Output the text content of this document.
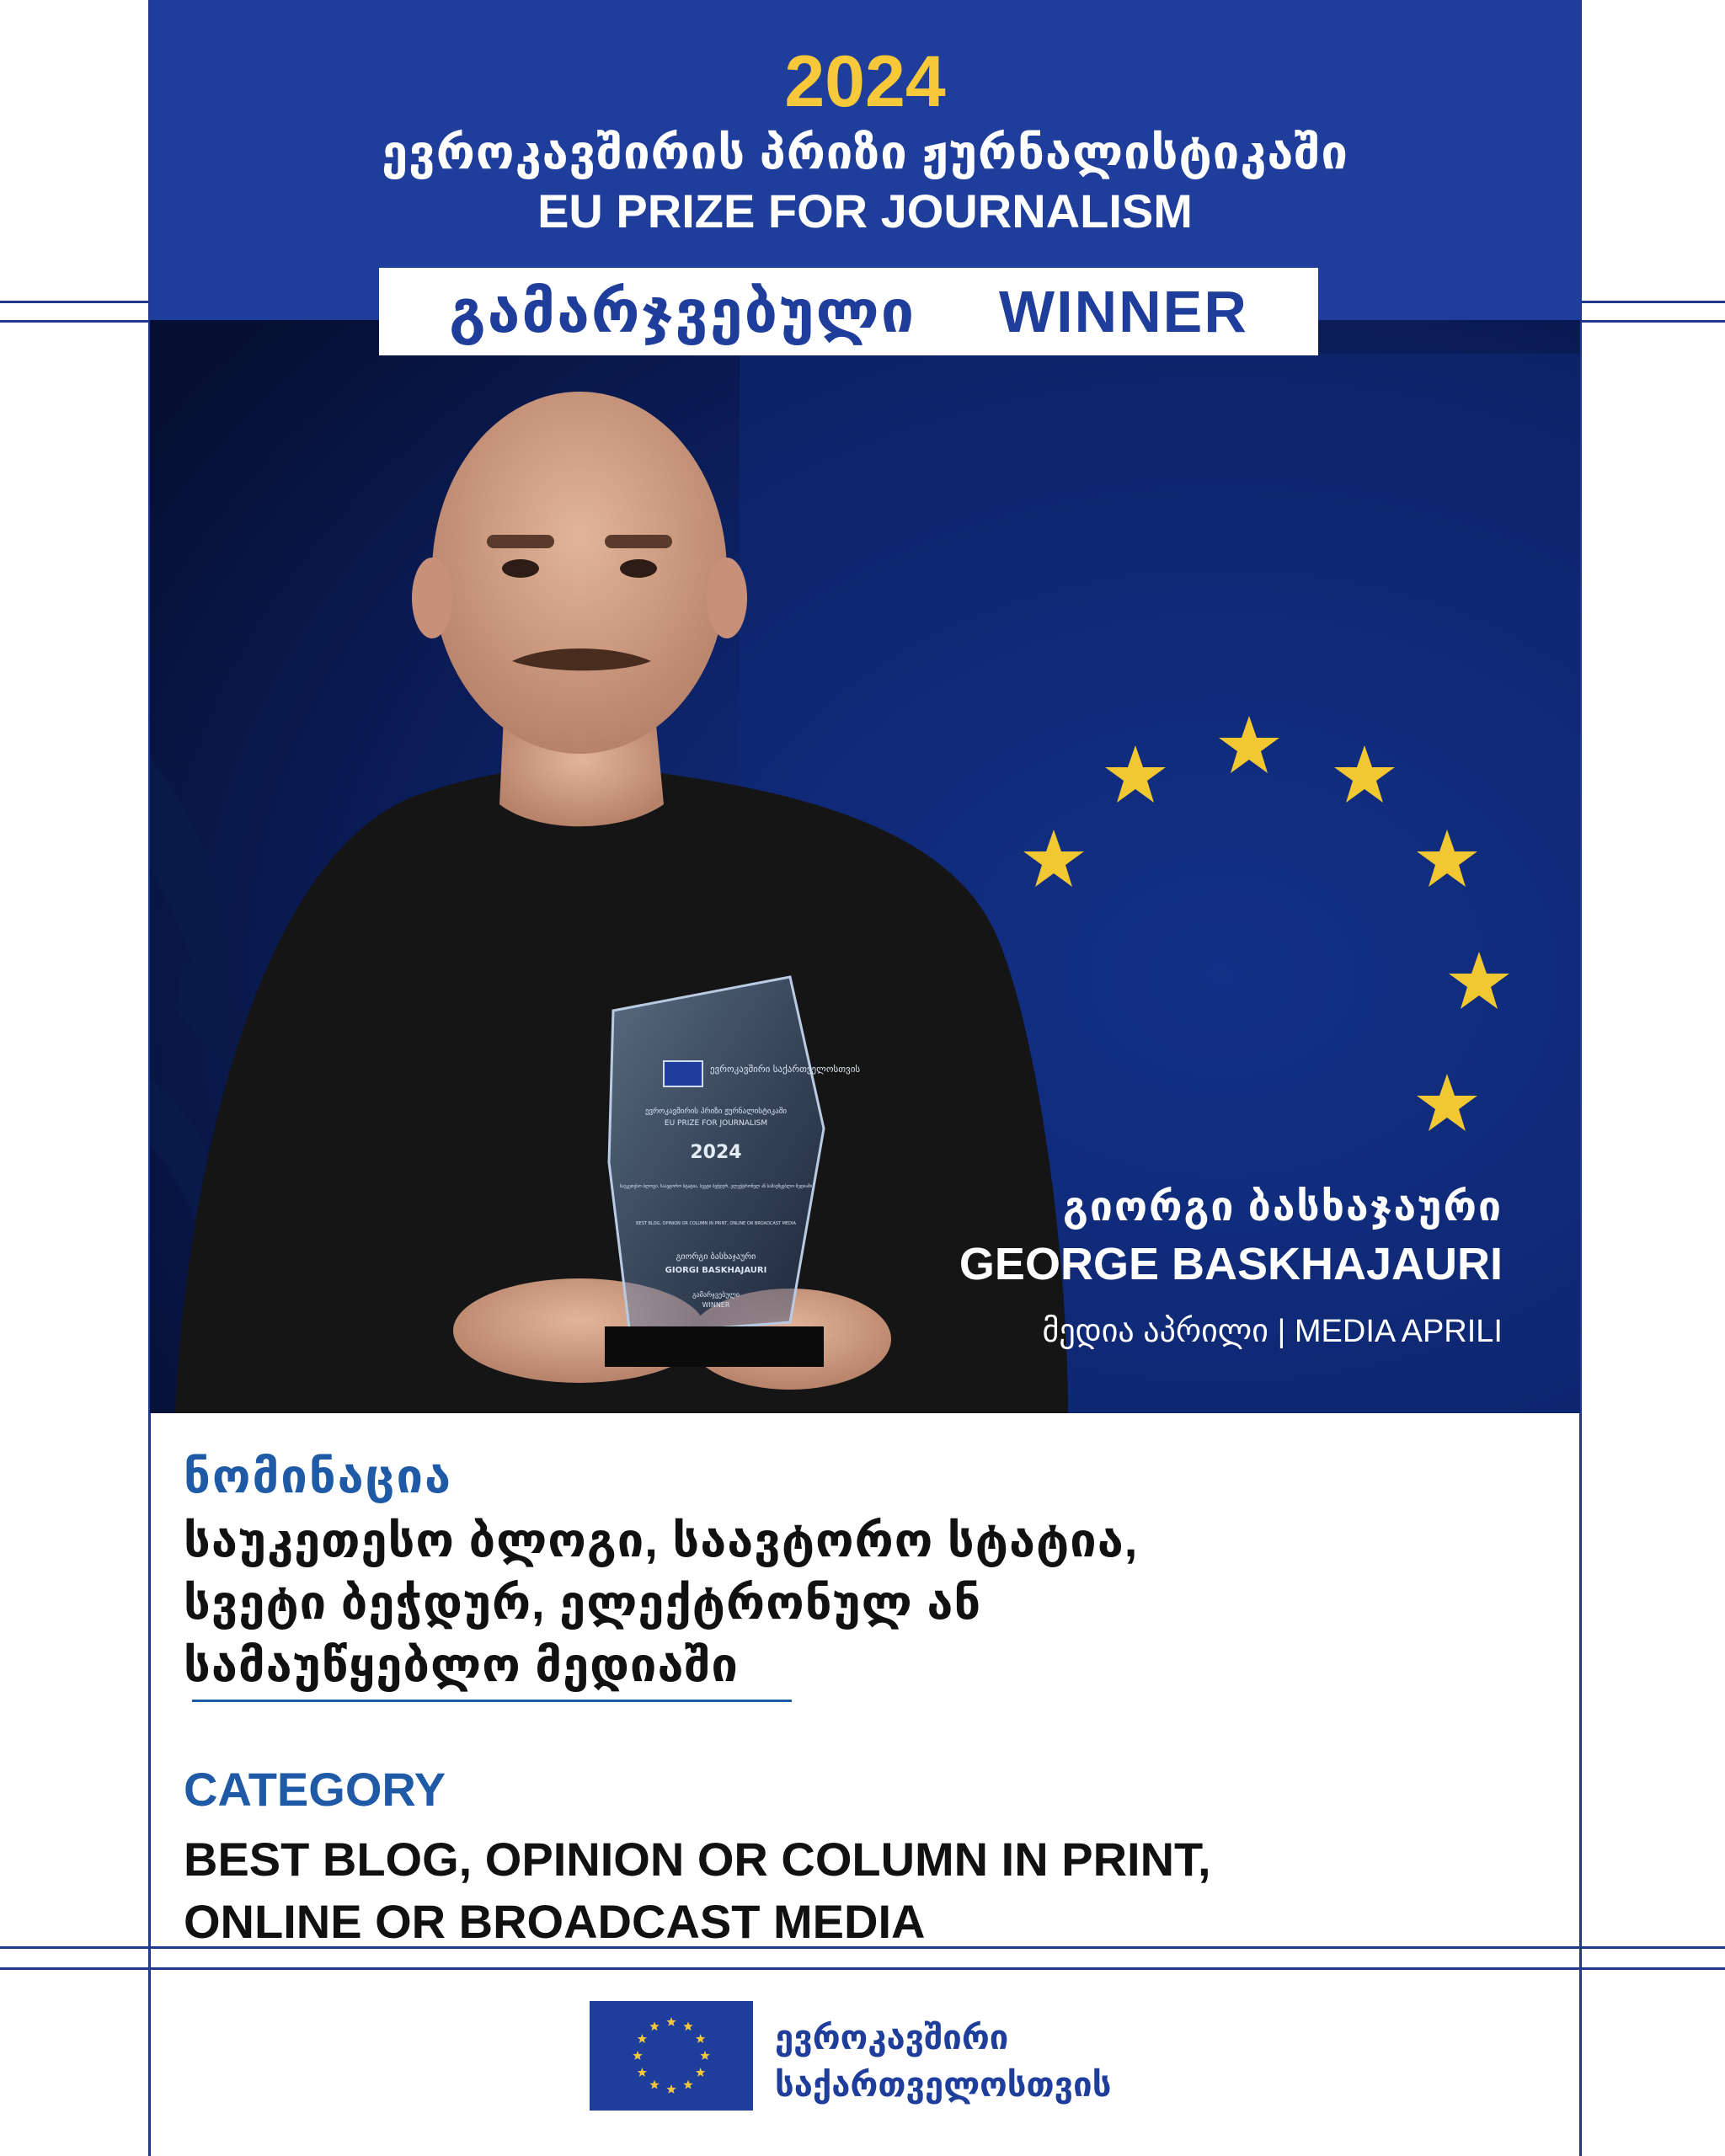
2024
ევროკავშირის პრიზი ჟურნალისტიკაში
EU PRIZE FOR JOURNALISM
ევროკავშირი საქართველოსთვის
ევროკავშირის პრიზი ჟურნალისტიკაში
EU PRIZE FOR JOURNALISM
2024
საუკეთესო ბლოგი, საავტორო სტატია, სვეტი ბეჭდურ, ელექტრონულ ან სამაუწყებლო მედიაში
BEST BLOG, OPINION OR COLUMN IN PRINT, ONLINE OR BROADCAST MEDIA
გიორგი ბასხაჯაური
GIORGI BASKHAJAURI
გამარჯვებული
WINNER
გიორგი ბასხაჯაური
GEORGE BASKHAJAURI
მედია აპრილი | MEDIA APRILI
გამარჯვებული WINNER
ნომინაცია
საუკეთესო ბლოგი, საავტორო სტატია,
სვეტი ბეჭდურ, ელექტრონულ ან
სამაუწყებლო მედიაში
CATEGORY
BEST BLOG, OPINION OR COLUMN IN PRINT,
ONLINE OR BROADCAST MEDIA
ევროკავშირი
საქართველოსთვის
